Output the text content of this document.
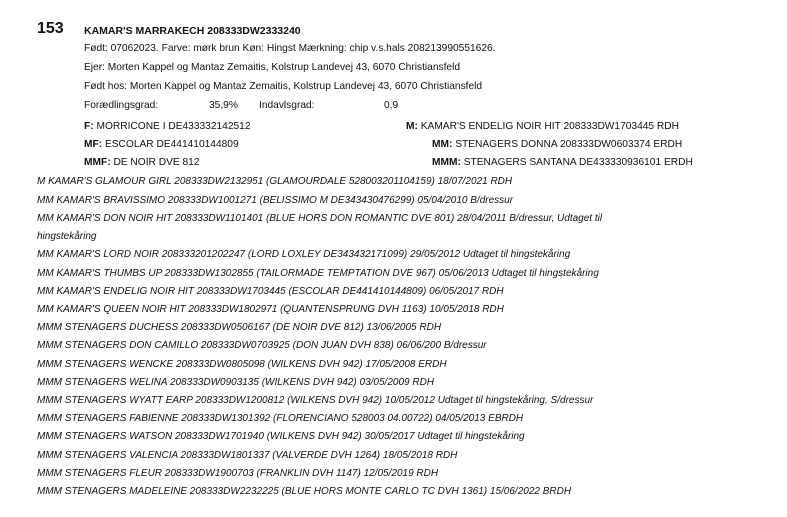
153 KAMAR'S MARRAKECH 208333DW2333240
Født: 07062023. Farve: mørk brun Køn: Hingst Mærkning: chip v.s.hals 208213990551626.
Ejer: Morten Kappel og Mantaz Zemaitis, Kolstrup Landevej 43, 6070 Christiansfeld
Født hos: Morten Kappel og Mantaz Zemaitis, Kolstrup Landevej 43, 6070 Christiansfeld
Forædlingsgrad:	35,9% Indavlsgrad:	0,9
F: MORRICONE I DE433332142512	M: KAMAR'S ENDELIG NOIR HIT 208333DW1703445 RDH
MF: ESCOLAR DE441410144809	MM: STENAGERS DONNA 208333DW0603374 ERDH
MMF: DE NOIR DVE 812	MMM: STENAGERS SANTANA DE433330936101 ERDH
M KAMAR'S GLAMOUR GIRL 208333DW2132951 (GLAMOURDALE 528003201104159) 18/07/2021 RDH
MM KAMAR'S BRAVISSIMO 208333DW1001271 (BELISSIMO M DE343430476299) 05/04/2010 B/dressur
MM KAMAR'S DON NOIR HIT 208333DW1101401 (BLUE HORS DON ROMANTIC DVE 801) 28/04/2011 B/dressur, Udtaget til
hingstekåring
MM KAMAR'S LORD NOIR 208333201202247 (LORD LOXLEY DE343432171099) 29/05/2012 Udtaget til hingstekåring
MM KAMAR'S THUMBS UP 208333DW1302855 (TAILORMADE TEMPTATION DVE 967) 05/06/2013 Udtaget til hingstekåring
MM KAMAR'S ENDELIG NOIR HIT 208333DW1703445 (ESCOLAR DE441410144809) 06/05/2017 RDH
MM KAMAR'S QUEEN NOIR HIT 208333DW1802971 (QUANTENSPRUNG DVH 1163) 10/05/2018 RDH
MMM STENAGERS DUCHESS 208333DW0506167 (DE NOIR DVE 812) 13/06/2005 RDH
MMM STENAGERS DON CAMILLO 208333DW0703925 (DON JUAN DVH 838) 06/06/200 B/dressur
MMM STENAGERS WENCKE 208333DW0805098 (WILKENS DVH 942) 17/05/2008 ERDH
MMM STENAGERS WELINA 208333DW0903135 (WILKENS DVH 942) 03/05/2009 RDH
MMM STENAGERS WYATT EARP 208333DW1200812 (WILKENS DVH 942) 10/05/2012 Udtaget til hingstekåring, S/dressur
MMM STENAGERS FABIENNE 208333DW1301392 (FLORENCIANO 528003 04.00722) 04/05/2013 EBRDH
MMM STENAGERS WATSON 208333DW1701940 (WILKENS DVH 942) 30/05/2017 Udtaget til hingstekåring
MMM STENAGERS VALENCIA 208333DW1801337 (VALVERDE DVH 1264) 18/05/2018 RDH
MMM STENAGERS FLEUR 208333DW1900703 (FRANKLIN DVH 1147) 12/05/2019 RDH
MMM STENAGERS MADELEINE 208333DW2232225 (BLUE HORS MONTE CARLO TC DVH 1361) 15/06/2022 BRDH
